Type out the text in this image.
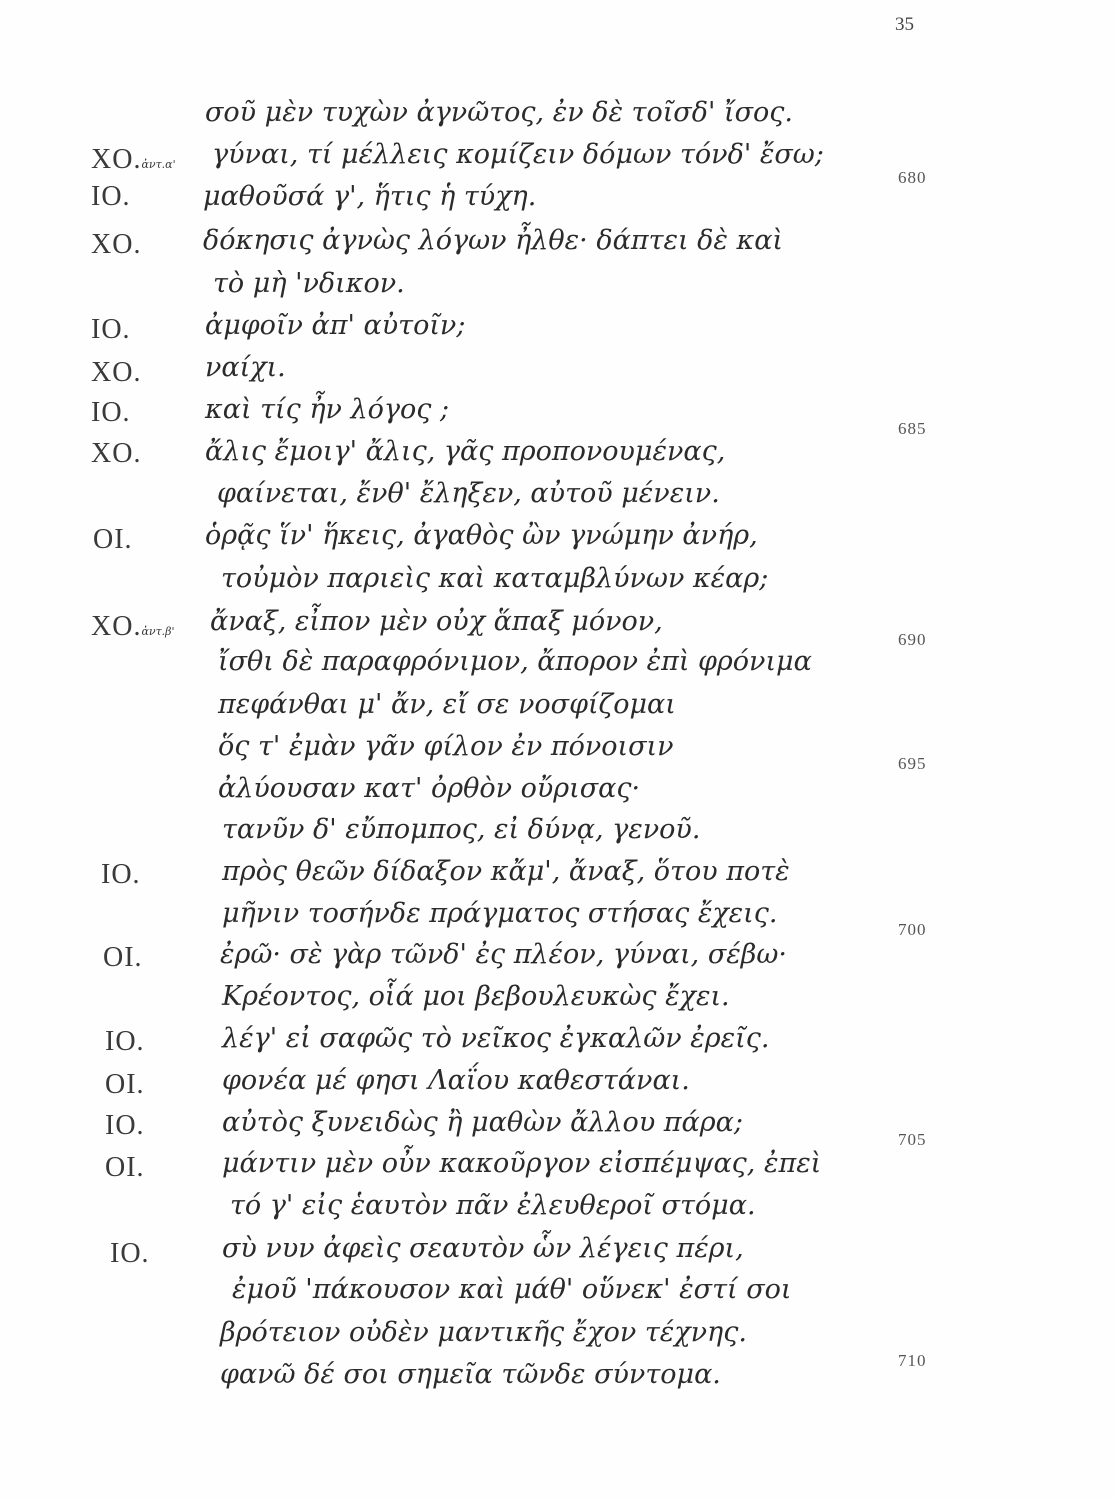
35
XO.ἀντ.α'
IO.
XO.
IO.
XO.
IO.
XO.
OI.
XO.ἀντ.β'
IO.
OI.
IO.
OI.
IO.
OI.
IO.
σοῦ μὲν τυχὼν ἀγνῶτος, ἐν δὲ τοῖσδ' ἴσος.
γύναι, τί μέλλεις κομίζειν δόμων τόνδ' ἔσω;
μαθοῦσά γ', ἥτις ἡ τύχη.
δόκησις ἀγνὼς λόγων ἦλθε· δάπτει δὲ καὶ
τὸ μὴ 'νδικον.
ἀμφοῖν ἀπ' αὐτοῖν;
ναίχι.
καὶ τίς ἦν λόγος ;
ἄλις ἔμοιγ' ἄλις, γᾶς προπονουμένας,
φαίνεται, ἔνθ' ἔληξεν, αὐτοῦ μένειν.
ὁρᾷς ἵν' ἥκεις, ἀγαθὸς ὢν γνώμην ἀνήρ,
τοὐμὸν παριεὶς καὶ καταμβλύνων κέαρ;
ἄναξ, εἶπον μὲν οὐχ ἅπαξ μόνον,
ἴσθι δὲ παραφρόνιμον, ἄπορον ἐπὶ φρόνιμα
πεφάνθαι μ' ἄν, εἴ σε νοσφίζομαι
ὅς τ' ἐμὰν γᾶν φίλον ἐν πόνοισιν
ἀλύουσαν κατ' ὀρθὸν οὔρισας·
τανῦν δ' εὔπομπος, εἰ δύνᾳ, γενοῦ.
πρὸς θεῶν δίδαξον κἄμ', ἄναξ, ὅτου ποτὲ
μῆνιν τοσήνδε πράγματος στήσας ἔχεις.
ἐρῶ· σὲ γὰρ τῶνδ' ἐς πλέον, γύναι, σέβω·
Κρέοντος, οἷά μοι βεβουλευκὼς ἔχει.
λέγ' εἰ σαφῶς τὸ νεῖκος ἐγκαλῶν ἐρεῖς.
φονέα μέ φησι Λαΐου καθεστάναι.
αὐτὸς ξυνειδὼς ἢ μαθὼν ἄλλου πάρα;
μάντιν μὲν οὖν κακοῦργον εἰσπέμψας, ἐπεὶ
τό γ' εἰς ἑαυτὸν πᾶν ἐλευθεροῖ στόμα.
σὺ νυν ἀφεὶς σεαυτὸν ὧν λέγεις πέρι,
ἐμοῦ 'πάκουσον καὶ μάθ' οὕνεκ' ἐστί σοι
βρότειον οὐδὲν μαντικῆς ἔχον τέχνης.
φανῶ δέ σοι σημεῖα τῶνδε σύντομα.
680
685
690
695
700
705
710
